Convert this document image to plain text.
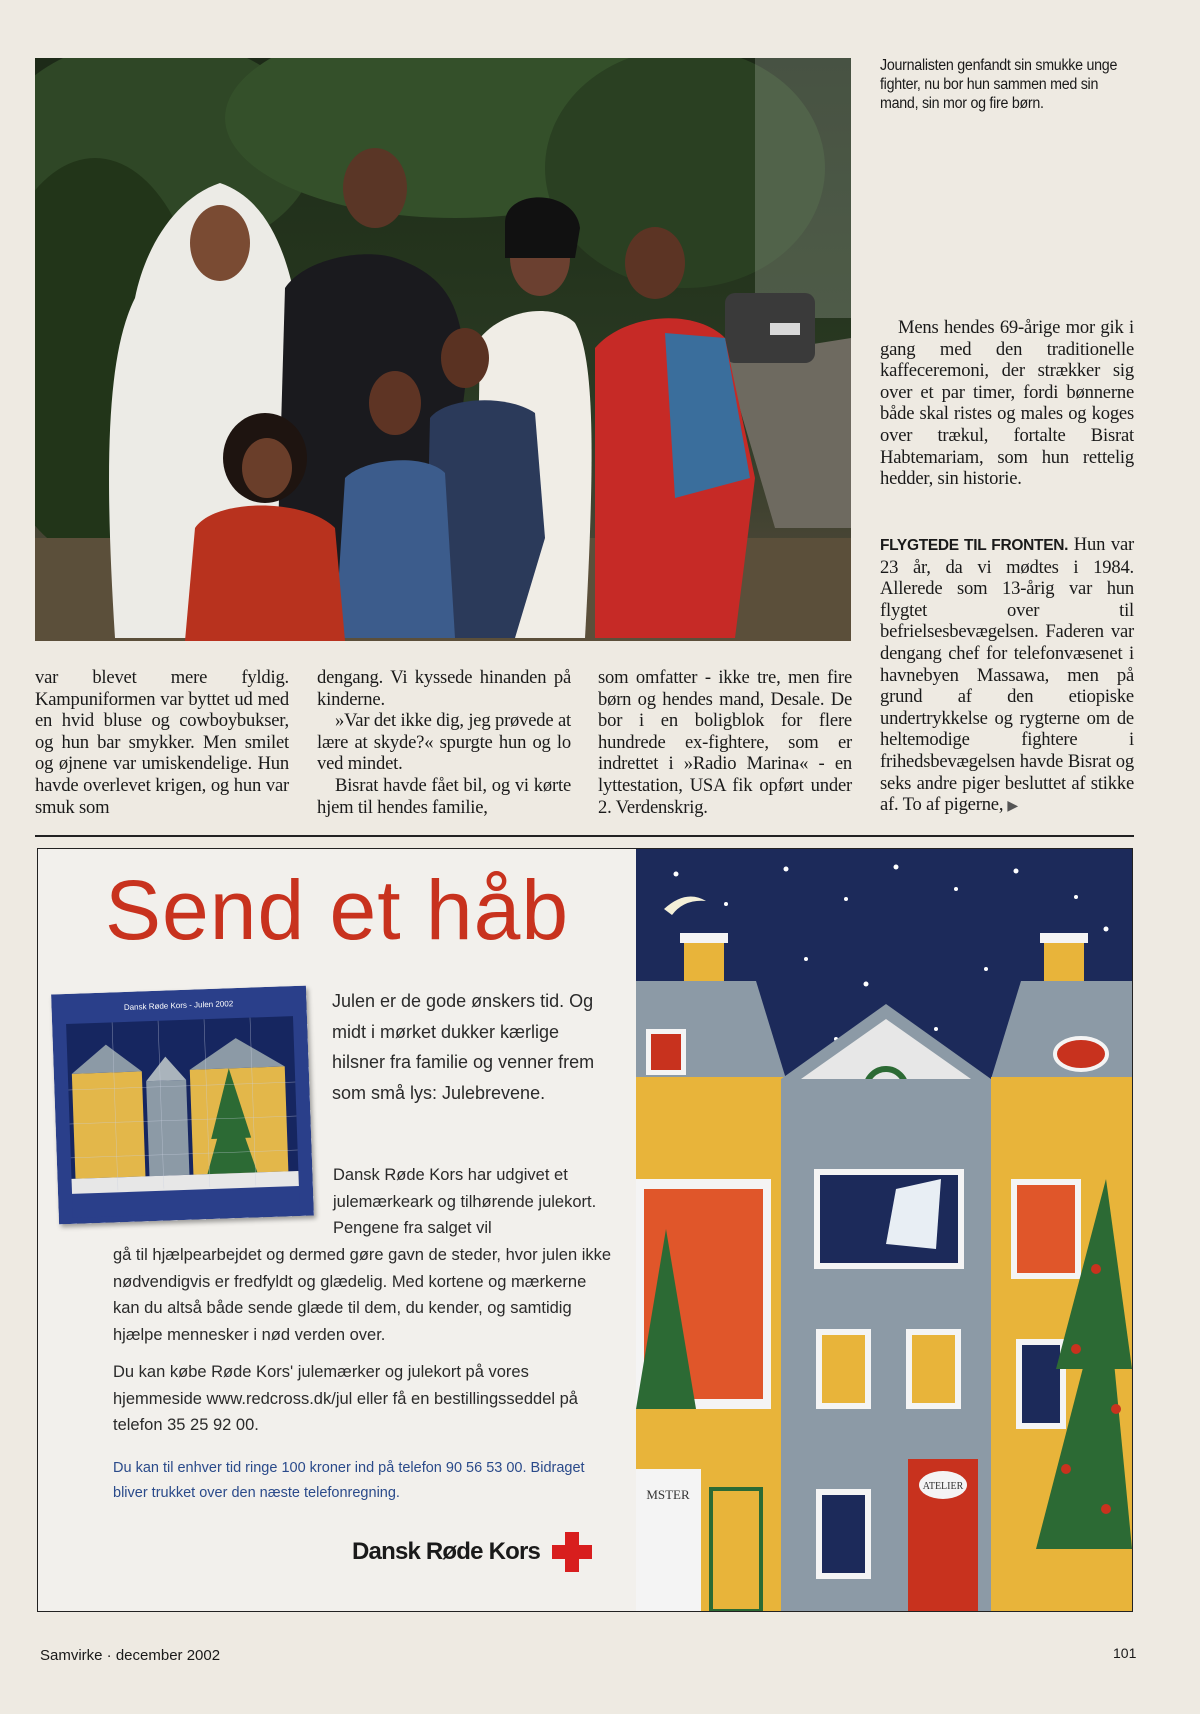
Journalisten genfandt sin smukke unge fighter, nu bor hun sammen med sin mand, sin mor og fire børn.

Mens hendes 69-årige mor gik i gang med den traditionelle kaffeceremoni, der strækker sig over et par timer, fordi bønnerne både skal ristes og males og koges over trækul, fortalte Bisrat Habtemariam, som hun rettelig hedder, sin historie.

FLYGTEDE TIL FRONTEN. Hun var 23 år, da vi mødtes i 1984. Allerede som 13-årig var hun flygtet over til befrielsesbevægelsen. Faderen var dengang chef for telefonvæsenet i havnebyen Massawa, men på grund af den etiopiske undertrykkelse og rygterne om de heltemodige fightere i frihedsbevægelsen havde Bisrat og seks andre piger besluttet af stikke af. To af pigerne, ▶

var blevet mere fyldig. Kampuniformen var byttet ud med en hvid bluse og cowboybukser, og hun bar smykker. Men smilet og øjnene var umiskendelige. Hun havde overlevet krigen, og hun var smuk som

dengang. Vi kyssede hinanden på kinderne.

»Var det ikke dig, jeg prøvede at lære at skyde?« spurgte hun og lo ved mindet.

Bisrat havde fået bil, og vi kørte hjem til hendes familie,

som omfatter - ikke tre, men fire børn og hendes mand, Desale. De bor i en boligblok for flere hundrede ex-fightere, som er indrettet i »Radio Marina« - en lyttestation, USA fik opført under 2. Verdenskrig.

Send et håb
Dansk Røde Kors - Julen 2002	Julen er de gode ønskers tid. Og midt i mørket dukker kærlige hilsner fra familie og venner frem som små lys: Julebrevene.
Dansk Røde Kors har udgivet et julemærkeark og tilhørende julekort. Pengene fra salget vil
gå til hjælpearbejdet og dermed gøre gavn de steder, hvor julen ikke nødvendigvis er fredfyldt og glædelig. Med kortene og mærkerne kan du altså både sende glæde til dem, du kender, og samtidig hjælpe mennesker i nød verden over.
Du kan købe Røde Kors' julemærker og julekort på vores hjemmeside www.redcross.dk/jul eller få en bestillingsseddel på telefon 35 25 92 00.
Du kan til enhver tid ringe 100 kroner ind på telefon 90 56 53 00. Bidraget bliver trukket over den næste telefonregning.
Dansk Røde Kors
MSTER
ATELIER
Samvirke · december 2002	101
